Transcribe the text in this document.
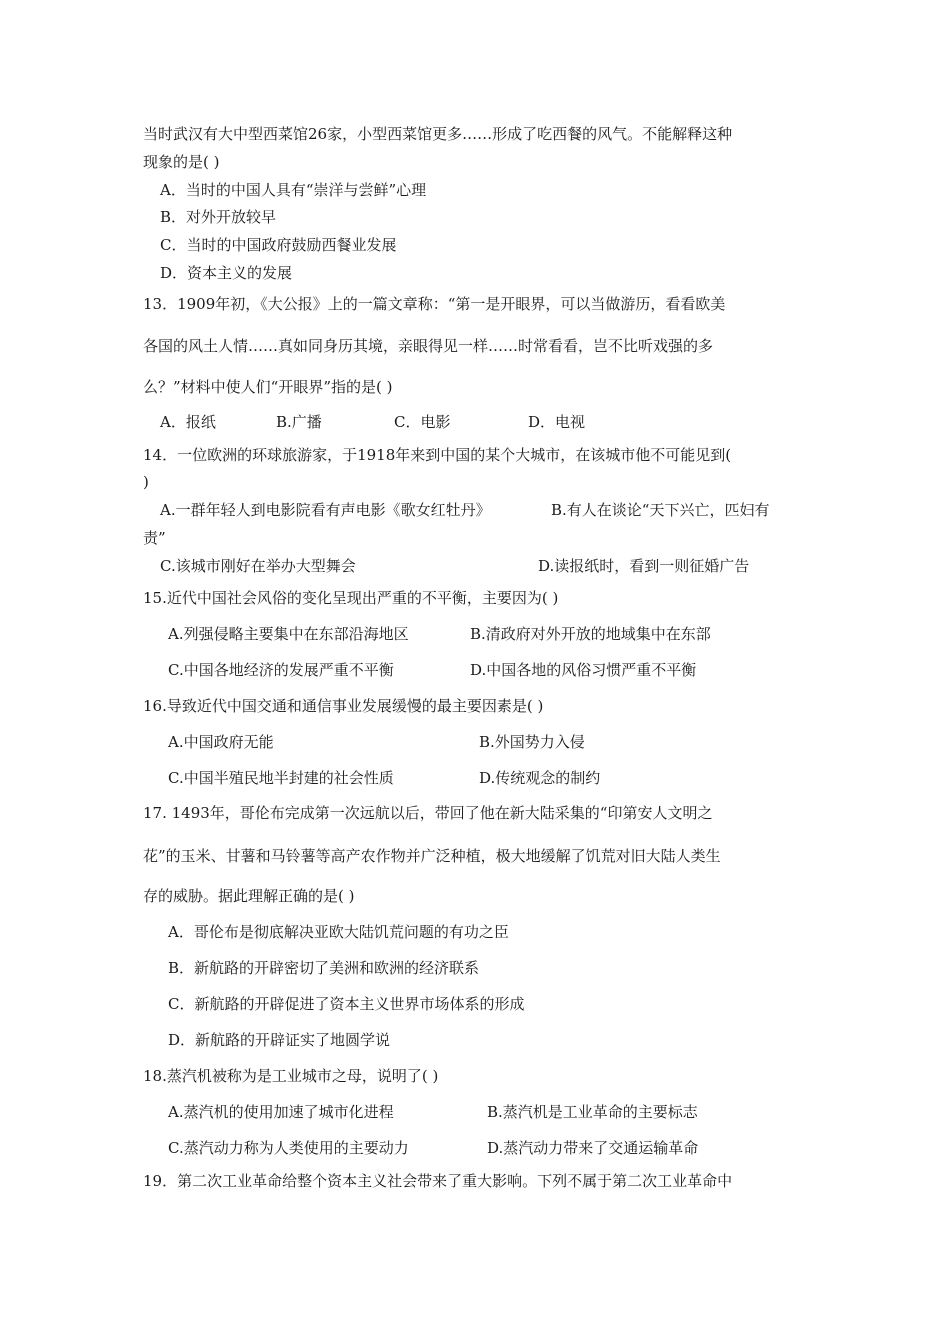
当时武汉有大中型西菜馆26家，小型西菜馆更多……形成了吃西餐的风气。不能解释这种
现象的是( )
A．当时的中国人具有“崇洋与尝鲜”心理
B．对外开放较早
C．当时的中国政府鼓励西餐业发展
D．资本主义的发展
13．1909年初，《大公报》上的一篇文章称：“第一是开眼界，可以当做游历，看看欧美
各国的风土人情……真如同身历其境，亲眼得见一样……时常看看，岂不比听戏强的多
么？”材料中使人们“开眼界”指的是( )
A．报纸	B.广播	C．电影	D．电视
14．一位欧洲的环球旅游家，于1918年来到中国的某个大城市，在该城市他不可能见到(
)
A.一群年轻人到电影院看有声电影《歌女红牡丹》	B.有人在谈论“天下兴亡，匹妇有
责”
C.该城市刚好在举办大型舞会	D.读报纸时，看到一则征婚广告
15.近代中国社会风俗的变化呈现出严重的不平衡，主要因为( )
A.列强侵略主要集中在东部沿海地区	B.清政府对外开放的地域集中在东部
C.中国各地经济的发展严重不平衡	D.中国各地的风俗习惯严重不平衡
16.导致近代中国交通和通信事业发展缓慢的最主要因素是( )
A.中国政府无能	B.外国势力入侵
C.中国半殖民地半封建的社会性质	D.传统观念的制约
17. 1493年，哥伦布完成第一次远航以后，带回了他在新大陆采集的“印第安人文明之
花”的玉米、甘薯和马铃薯等高产农作物并广泛种植，极大地缓解了饥荒对旧大陆人类生
存的威胁。据此理解正确的是( )
A．哥伦布是彻底解决亚欧大陆饥荒问题的有功之臣
B．新航路的开辟密切了美洲和欧洲的经济联系
C．新航路的开辟促进了资本主义世界市场体系的形成
D．新航路的开辟证实了地圆学说
18.蒸汽机被称为是工业城市之母，说明了( )
A.蒸汽机的使用加速了城市化进程	B.蒸汽机是工业革命的主要标志
C.蒸汽动力称为人类使用的主要动力	D.蒸汽动力带来了交通运输革命
19．第二次工业革命给整个资本主义社会带来了重大影响。下列不属于第二次工业革命中
